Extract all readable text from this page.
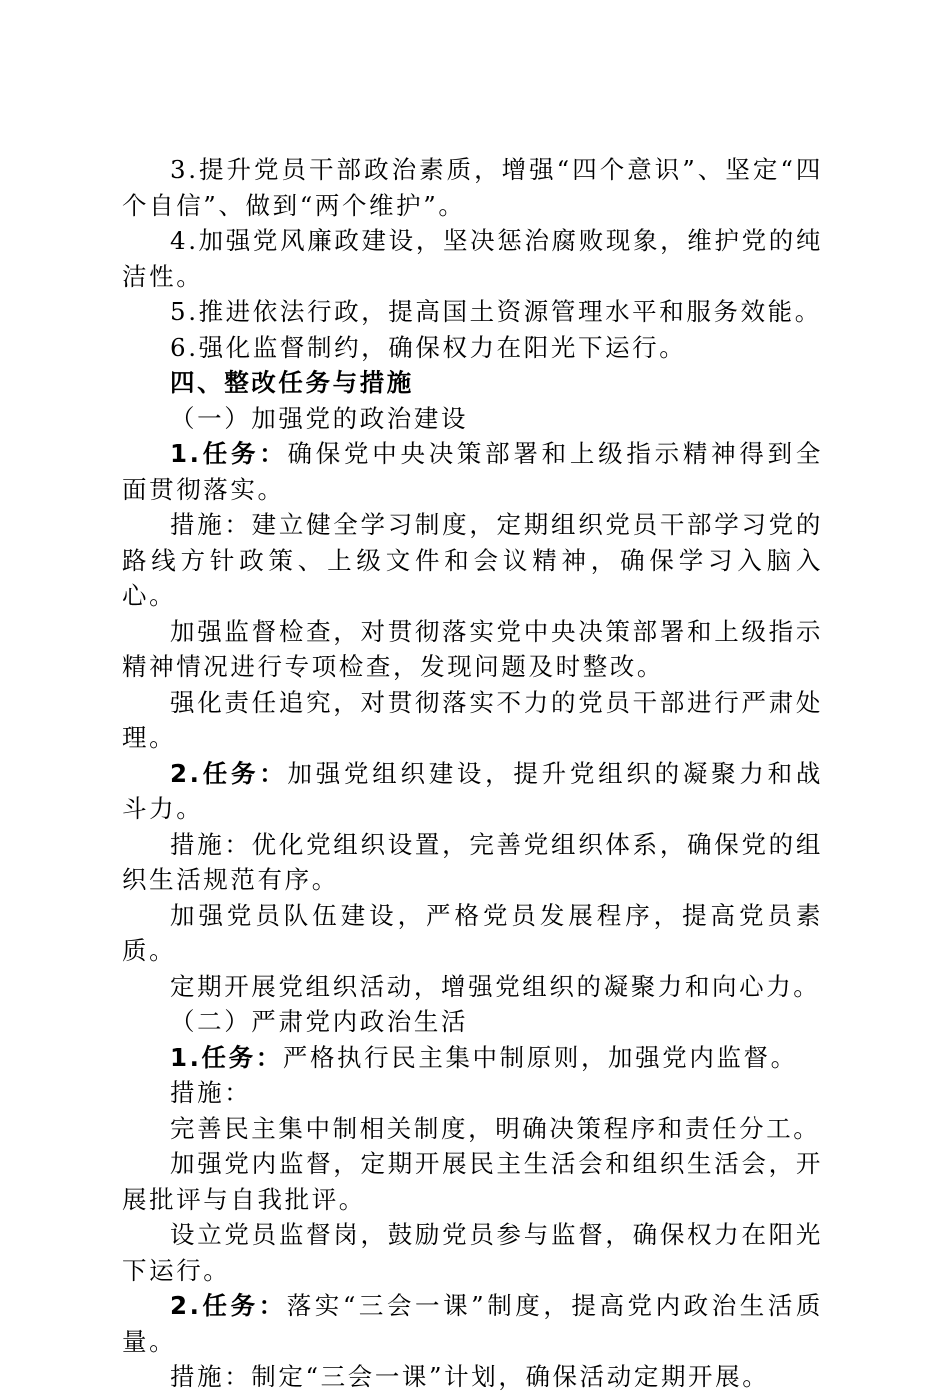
3.提升党员干部政治素质，增强“四个意识”、坚定“四个自信”、做到“两个维护”。

4.加强党风廉政建设，坚决惩治腐败现象，维护党的纯洁性。

5.推进依法行政，提高国土资源管理水平和服务效能。

6.强化监督制约，确保权力在阳光下运行。

四、整改任务与措施

（一）加强党的政治建设

1.任务：确保党中央决策部署和上级指示精神得到全面贯彻落实。

措施：建立健全学习制度，定期组织党员干部学习党的路线方针政策、上级文件和会议精神，确保学习入脑入心。

加强监督检查，对贯彻落实党中央决策部署和上级指示精神情况进行专项检查，发现问题及时整改。

强化责任追究，对贯彻落实不力的党员干部进行严肃处理。

2.任务：加强党组织建设，提升党组织的凝聚力和战斗力。

措施：优化党组织设置，完善党组织体系，确保党的组织生活规范有序。

加强党员队伍建设，严格党员发展程序，提高党员素质。

定期开展党组织活动，增强党组织的凝聚力和向心力。

（二）严肃党内政治生活

1.任务：严格执行民主集中制原则，加强党内监督。

措施：

完善民主集中制相关制度，明确决策程序和责任分工。

加强党内监督，定期开展民主生活会和组织生活会，开展批评与自我批评。

设立党员监督岗，鼓励党员参与监督，确保权力在阳光下运行。

2.任务：落实“三会一课”制度，提高党内政治生活质量。

措施：制定“三会一课”计划，确保活动定期开展。
